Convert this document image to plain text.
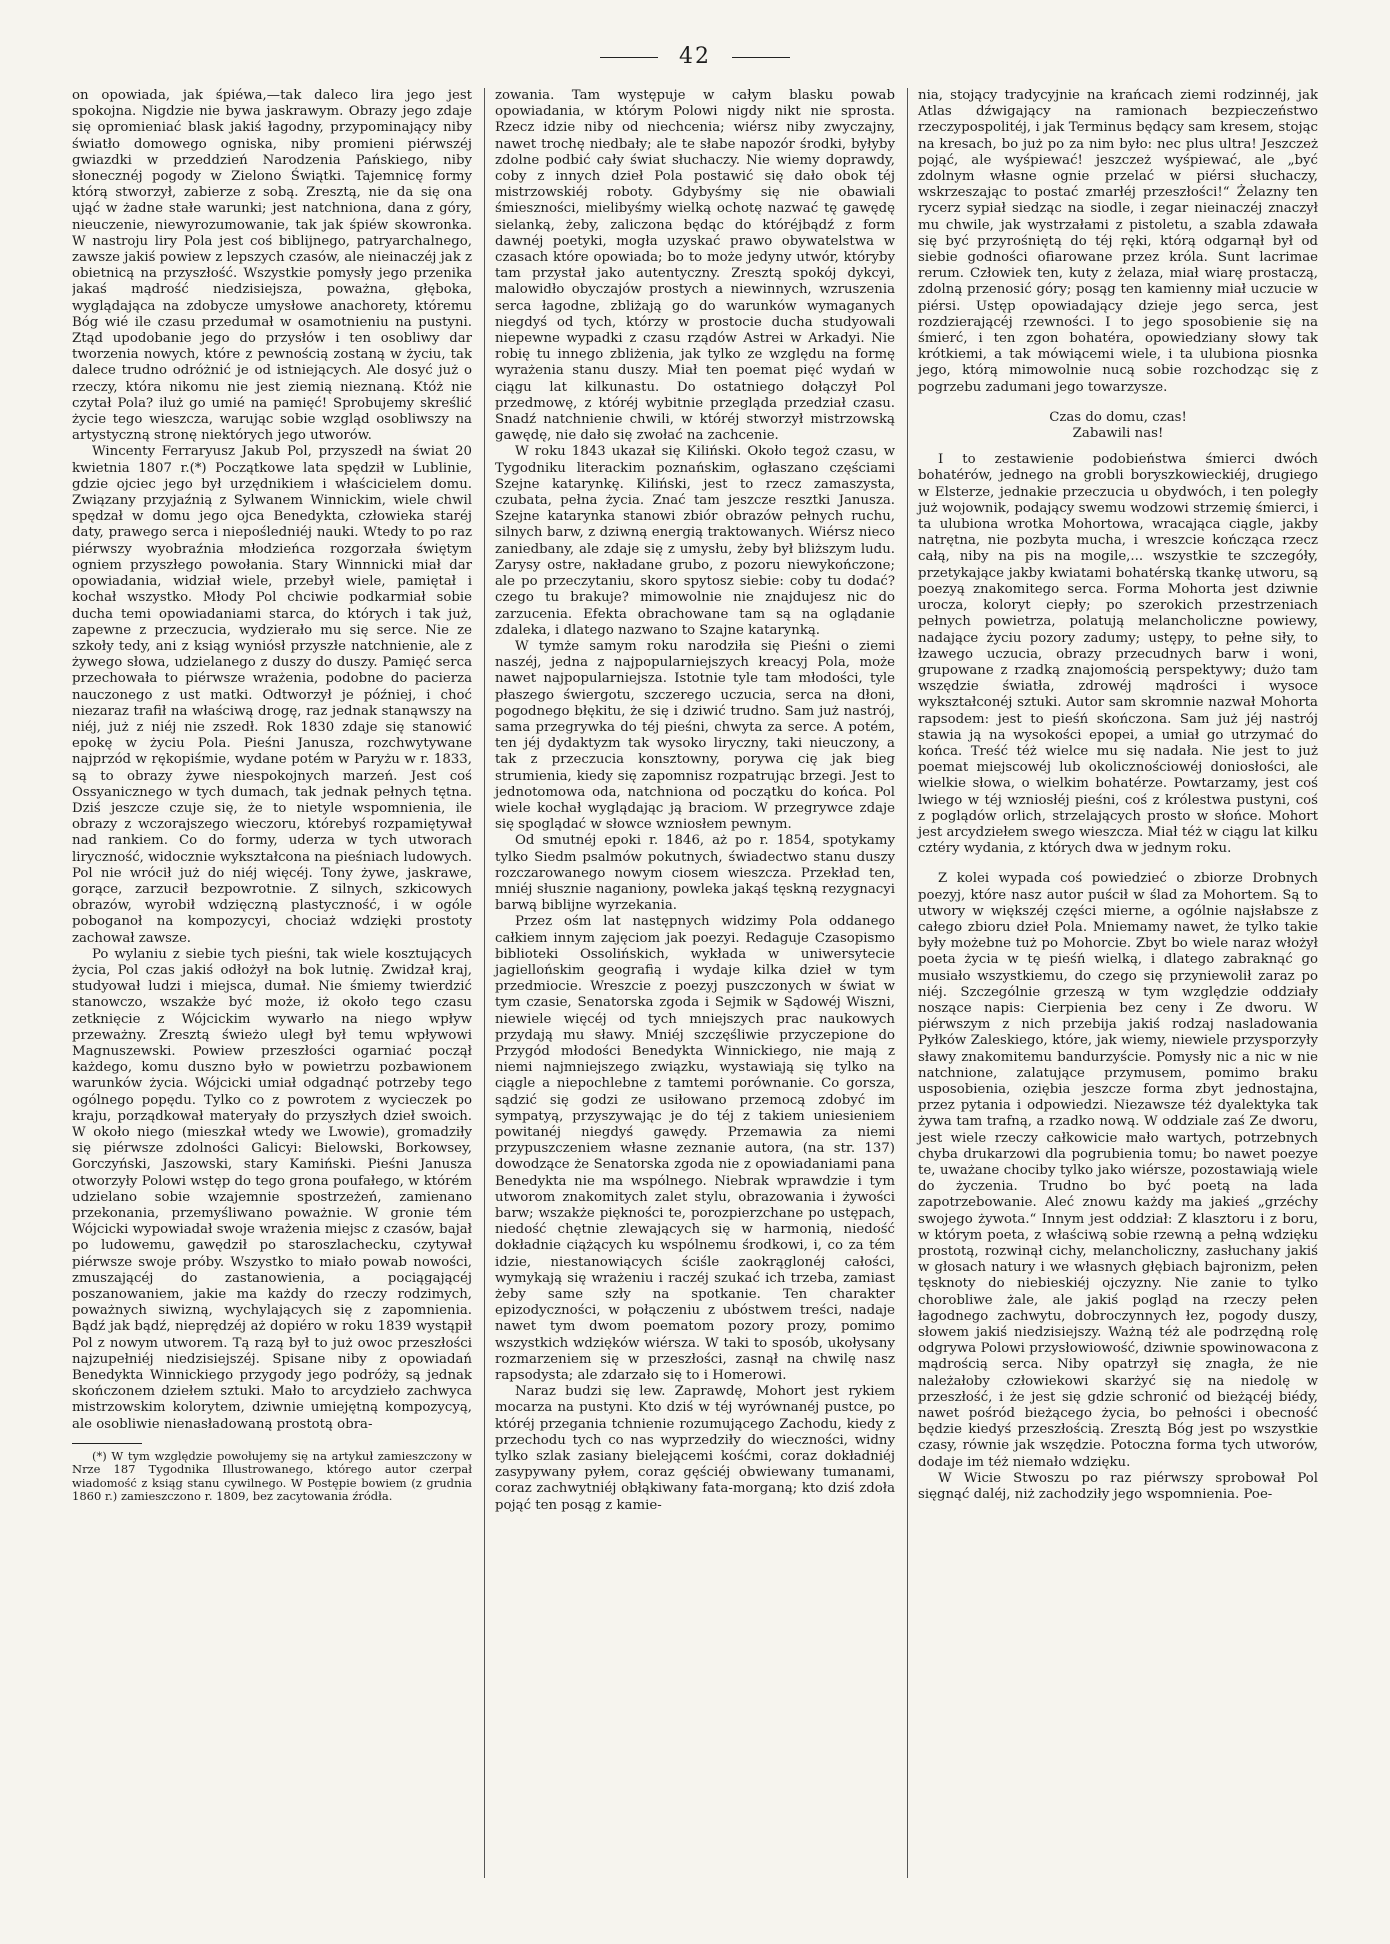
42

on opowiada, jak śpiéwa,—tak daleco lira jego jest spokojna. Nigdzie nie bywa jaskrawym. Obrazy jego zdaje się opromieniać blask jakiś łagodny, przypominający niby światło domowego ogniska, niby promieni piérwszéj gwiazdki w przeddzień Narodzenia Pańskiego, niby słonecznéj pogody w Zielono Świątki. Tajemnicę formy którą stworzył, zabierze z sobą. Zresztą, nie da się ona ująć w żadne stałe warunki; jest natchniona, dana z góry, nieuczenie, niewyrozumowanie, tak jak śpiéw skowronka. W nastroju liry Pola jest coś biblijnego, patryarchalnego, zawsze jakiś powiew z lepszych czasów, ale nieinaczéj jak z obietnicą na przyszłość. Wszystkie pomysły jego przenika jakaś mądrość niedzisiejsza, poważna, głęboka, wyglądająca na zdobycze umysłowe anachorety, któremu Bóg wié ile czasu przedumał w osamotnieniu na pustyni. Ztąd upodobanie jego do przysłów i ten osobliwy dar tworzenia nowych, które z pewnością zostaną w życiu, tak dalece trudno odróżnić je od istniejących. Ale dosyć już o rzeczy, która nikomu nie jest ziemią nieznaną. Któż nie czytał Pola? iluż go umié na pamięć! Sprobujemy skreślić życie tego wieszcza, warując sobie wzgląd osobliwszy na artystyczną stronę niektórych jego utworów.

Wincenty Ferraryusz Jakub Pol, przyszedł na świat 20 kwietnia 1807 r.(*) Początkowe lata spędził w Lublinie, gdzie ojciec jego był urzędnikiem i właścicielem domu. Związany przyjaźnią z Sylwanem Winnickim, wiele chwil spędzał w domu jego ojca Benedykta, człowieka staréj daty, prawego serca i niepośledniéj nauki. Wtedy to po raz piérwszy wyobraźnia młodzieńca rozgorzała świętym ogniem przyszłego powołania. Stary Winnnicki miał dar opowiadania, widział wiele, przebył wiele, pamiętał i kochał wszystko. Młody Pol chciwie podkarmiał sobie ducha temi opowiadaniami starca, do których i tak już, zapewne z przeczucia, wydzierało mu się serce. Nie ze szkoły tedy, ani z ksiąg wyniósł przyszłe natchnienie, ale z żywego słowa, udzielanego z duszy do duszy. Pamięć serca przechowała to piérwsze wrażenia, podobne do pacierza nauczonego z ust matki. Odtworzył je później, i choć niezaraz trafił na właściwą drogę, raz jednak stanąwszy na niéj, już z niéj nie zszedł. Rok 1830 zdaje się stanowić epokę w życiu Pola. Pieśni Janusza, rozchwytywane najprzód w rękopiśmie, wydane potém w Paryżu w r. 1833, są to obrazy żywe niespokojnych marzeń. Jest coś Ossyanicznego w tych dumach, tak jednak pełnych tętna. Dziś jeszcze czuje się, że to nietyle wspomnienia, ile obrazy z wczorajszego wieczoru, którebyś rozpamiętywał nad rankiem. Co do formy, uderza w tych utworach liryczność, widocznie wykształcona na pieśniach ludowych. Pol nie wrócił już do niéj więcéj. Tony żywe, jaskrawe, gorące, zarzucił bezpowrotnie. Z silnych, szkicowych obrazów, wyrobił wdzięczną plastyczność, i w ogóle poboganoł na kompozycyi, chociaż wdzięki prostoty zachował zawsze.

Po wylaniu z siebie tych pieśni, tak wiele kosztujących życia, Pol czas jakiś odłożył na bok lutnię. Zwidzał kraj, studyował ludzi i miejsca, dumał. Nie śmiemy twierdzić stanowczo, wszakże być może, iż około tego czasu zetknięcie z Wójcickim wywarło na niego wpływ przeważny. Zresztą świeżo uległ był temu wpływowi Magnuszewski. Powiew przeszłości ogarniać począł każdego, komu duszno było w powietrzu pozbawionem warunków życia. Wójcicki umiał odgadnąć potrzeby tego ogólnego popędu. Tylko co z powrotem z wycieczek po kraju, porządkował materyały do przyszłych dzieł swoich. W około niego (mieszkał wtedy we Lwowie), gromadziły się piérwsze zdolności Galicyi: Bielowski, Borkowsey, Gorczyński, Jaszowski, stary Kamiński. Pieśni Janusza otworzyły Polowi wstęp do tego grona poufałego, w którém udzielano sobie wzajemnie spostrzeżeń, zamienano przekonania, przemyśliwano poważnie. W gronie tém Wójcicki wypowiadał swoje wrażenia miejsc z czasów, bajał po ludowemu, gawędził po staroszlachecku, czytywał piérwsze swoje próby. Wszystko to miało powab nowości, zmuszającéj do zastanowienia, a pociągającéj poszanowaniem, jakie ma każdy do rzeczy rodzimych, poważnych siwizną, wychylających się z zapomnienia. Bądź jak bądź, nieprędzéj aż dopiéro w roku 1839 wystąpił Pol z nowym utworem. Tą razą był to już owoc przeszłości najzupełniéj niedzisiejszéj. Spisane niby z opowiadań Benedykta Winnickiego przygody jego podróży, są jednak skończonem dziełem sztuki. Mało to arcydzieło zachwyca mistrzowskim kolorytem, dziwnie umiejętną kompozycyą, ale osobliwie nienasładowaną prostotą obra-

(*) W tym względzie powołujemy się na artykuł zamieszczony w Nrze 187 Tygodnika Illustrowanego, którego autor czerpał wiadomość z ksiąg stanu cywilnego. W Postępie bowiem (z grudnia 1860 r.) zamieszczono r. 1809, bez zacytowania źródła.

zowania. Tam występuje w całym blasku powab opowiadania, w którym Polowi nigdy nikt nie sprosta. Rzecz idzie niby od niechcenia; wiérsz niby zwyczajny, nawet trochę niedbały; ale te słabe napozór środki, byłyby zdolne podbić cały świat słuchaczy. Nie wiemy doprawdy, coby z innych dzieł Pola postawić się dało obok téj mistrzowskiéj roboty. Gdybyśmy się nie obawiali śmieszności, mielibyśmy wielką ochotę nazwać tę gawędę sielanką, żeby, zaliczona będąc do któréjbądź z form dawnéj poetyki, mogła uzyskać prawo obywatelstwa w czasach które opowiada; bo to może jedyny utwór, któryby tam przystał jako autentyczny. Zresztą spokój dykcyi, malowidło obyczajów prostych a niewinnych, wzruszenia serca łagodne, zbliżają go do warunków wymaganych niegdyś od tych, którzy w prostocie ducha studyowali niepewne wypadki z czasu rządów Astrei w Arkadyi. Nie robię tu innego zbliżenia, jak tylko ze względu na formę wyrażenia stanu duszy. Miał ten poemat pięć wydań w ciągu lat kilkunastu. Do ostatniego dołączył Pol przedmowę, z któréj wybitnie przegląda przedział czasu. Snadź natchnienie chwili, w któréj stworzył mistrzowską gawędę, nie dało się zwołać na zachcenie.

W roku 1843 ukazał się Kiliński. Około tegoż czasu, w Tygodniku literackim poznańskim, ogłaszano częściami Szejne katarynkę. Kiliński, jest to rzecz zamaszysta, czubata, pełna życia. Znać tam jeszcze resztki Janusza. Szejne katarynka stanowi zbiór obrazów pełnych ruchu, silnych barw, z dziwną energią traktowanych. Wiérsz nieco zaniedbany, ale zdaje się z umysłu, żeby był bliższym ludu. Zarysy ostre, nakładane grubo, z pozoru niewykończone; ale po przeczytaniu, skoro spytosz siebie: coby tu dodać? czego tu brakuje? mimowolnie nie znajdujesz nic do zarzucenia. Efekta obrachowane tam są na oglądanie zdaleka, i dlatego nazwano to Szajne katarynką.

W tymże samym roku narodziła się Pieśni o ziemi naszéj, jedna z najpopularniejszych kreacyj Pola, może nawet najpopularniejsza. Istotnie tyle tam młodości, tyle płaszego świergotu, szczerego uczucia, serca na dłoni, pogodnego błękitu, że się i dziwić trudno. Sam już nastrój, sama przegrywka do téj pieśni, chwyta za serce. A potém, ten jéj dydaktyzm tak wysoko liryczny, taki nieuczony, a tak z przeczucia konsztowny, porywa cię jak bieg strumienia, kiedy się zapomnisz rozpatrując brzegi. Jest to jednotomowa oda, natchniona od początku do końca. Pol wiele kochał wyglądając ją braciom. W przegrywce zdaje się spoglądać w słowce wzniosłem pewnym.

Od smutnéj epoki r. 1846, aż po r. 1854, spotykamy tylko Siedm psalmów pokutnych, świadectwo stanu duszy rozczarowanego nowym ciosem wieszcza. Przekład ten, mniéj słusznie naganiony, powleka jakąś tęskną rezygnacyi barwą biblijne wyrzekania.

Przez ośm lat następnych widzimy Pola oddanego całkiem innym zajęciom jak poezyi. Redaguje Czasopismo biblioteki Ossolińskich, wykłada w uniwersytecie jagiellońskim geografią i wydaje kilka dzieł w tym przedmiocie. Wreszcie z poezyj puszczonych w świat w tym czasie, Senatorska zgoda i Sejmik w Sądowéj Wiszni, niewiele więcéj od tych mniejszych prac naukowych przydają mu sławy. Mniéj szczęśliwie przyczepione do Przygód młodości Benedykta Winnickiego, nie mają z niemi najmniejszego związku, wystawiają się tylko na ciągle a niepochlebne z tamtemi porównanie. Co gorsza, sądzić się godzi ze usiłowano przemocą zdobyć im sympatyą, przyszywając je do téj z takiem uniesieniem powitanéj niegdyś gawędy. Przemawia za niemi przypuszczeniem własne zeznanie autora, (na str. 137) dowodzące że Senatorska zgoda nie z opowiadaniami pana Benedykta nie ma wspólnego. Niebrak wprawdzie i tym utworom znakomitych zalet stylu, obrazowania i żywości barw; wszakże piękności te, porozpierzchane po ustępach, niedość chętnie zlewających się w harmonią, niedość dokładnie ciążących ku wspólnemu środkowi, i, co za tém idzie, niestanowiących ściśle zaokrąglonéj całości, wymykają się wrażeniu i raczéj szukać ich trzeba, zamiast żeby same szły na spotkanie. Ten charakter epizodyczności, w połączeniu z ubóstwem treści, nadaje nawet tym dwom poematom pozory prozy, pomimo wszystkich wdzięków wiérsza. W taki to sposób, ukołysany rozmarzeniem się w przeszłości, zasnął na chwilę nasz rapsodysta; ale zdarzało się to i Homerowi.

Naraz budzi się lew. Zaprawdę, Mohort jest rykiem mocarza na pustyni. Kto dziś w téj wyrównanéj pustce, po któréj przegania tchnienie rozumującego Zachodu, kiedy z przechodu tych co nas wyprzedziły do wieczności, widny tylko szlak zasiany bielejącemi kośćmi, coraz dokładniéj zasypywany pyłem, coraz gęściéj obwiewany tumanami, coraz zachwytniéj obłąkiwany fata-morganą; kto dziś zdoła pojąć ten posąg z kamie-

nia, stojący tradycyjnie na krańcach ziemi rodzinnéj, jak Atlas dźwigający na ramionach bezpieczeństwo rzeczypospolitéj, i jak Terminus będący sam kresem, stojąc na kresach, bo już po za nim było: nec plus ultra! Jeszczeż pojąć, ale wyśpiewać! jeszczeż wyśpiewać, ale „być zdolnym własne ognie przelać w piérsi słuchaczy, wskrzeszając to postać zmarłéj przeszłości!“ Żelazny ten rycerz sypiał siedząc na siodle, i zegar nieinaczéj znaczył mu chwile, jak wystrzałami z pistoletu, a szabla zdawała się być przyrośniętą do téj ręki, którą odgarnął był od siebie godności ofiarowane przez króla. Sunt lacrimae rerum. Człowiek ten, kuty z żelaza, miał wiarę prostaczą, zdolną przenosić góry; posąg ten kamienny miał uczucie w piérsi. Ustęp opowiadający dzieje jego serca, jest rozdzierającéj rzewności. I to jego sposobienie się na śmierć, i ten zgon bohatéra, opowiedziany słowy tak krótkiemi, a tak mówiącemi wiele, i ta ulubiona piosnka jego, którą mimowolnie nucą sobie rozchodząc się z pogrzebu zadumani jego towarzysze.

Czas do domu, czas!
Zabawili nas!

I to zestawienie podobieństwa śmierci dwóch bohatérów, jednego na grobli boryszkowieckiéj, drugiego w Elsterze, jednakie przeczucia u obydwóch, i ten poległy już wojownik, podający swemu wodzowi strzemię śmierci, i ta ulubiona wrotka Mohortowa, wracająca ciągle, jakby natrętna, nie pozbyta mucha, i wreszcie kończąca rzecz całą, niby na pis na mogile,... wszystkie te szczegóły, przetykające jakby kwiatami bohatérską tkankę utworu, są poezyą znakomitego serca. Forma Mohorta jest dziwnie urocza, koloryt ciepły; po szerokich przestrzeniach pełnych powietrza, polatują melancholiczne powiewy, nadające życiu pozory zadumy; ustępy, to pełne siły, to łzawego uczucia, obrazy przecudnych barw i woni, grupowane z rzadką znajomością perspektywy; dużo tam wszędzie światła, zdrowéj mądrości i wysoce wykształconéj sztuki. Autor sam skromnie nazwał Mohorta rapsodem: jest to pieśń skończona. Sam już jéj nastrój stawia ją na wysokości epopei, a umiał go utrzymać do końca. Treść téż wielce mu się nadała. Nie jest to już poemat miejscowéj lub okolicznościowéj doniosłości, ale wielkie słowa, o wielkim bohatérze. Powtarzamy, jest coś lwiego w téj wzniosłéj pieśni, coś z królestwa pustyni, coś z poglądów orlich, strzelających prosto w słońce. Mohort jest arcydziełem swego wieszcza. Miał téż w ciągu lat kilku cztéry wydania, z których dwa w jednym roku.

Z kolei wypada coś powiedzieć o zbiorze Drobnych poezyj, które nasz autor puścił w ślad za Mohortem. Są to utwory w większéj części mierne, a ogólnie najsłabsze z całego zbioru dzieł Pola. Mniemamy nawet, że tylko takie były możebne tuż po Mohorcie. Zbyt bo wiele naraz włożył poeta życia w tę pieśń wielką, i dlatego zabraknąć go musiało wszystkiemu, do czego się przyniewolił zaraz po niéj. Szczególnie grzeszą w tym względzie oddziały noszące napis: Cierpienia bez ceny i Ze dworu. W piérwszym z nich przebija jakiś rodzaj nasladowania Pyłków Zaleskiego, które, jak wiemy, niewiele przysporzyły sławy znakomitemu bandurzyście. Pomysły nic a nic w nie natchnione, zalatujące przymusem, pomimo braku usposobienia, oziębia jeszcze forma zbyt jednostajna, przez pytania i odpowiedzi. Niezawsze téż dyalektyka tak żywa tam trafną, a rzadko nową. W oddziale zaś Ze dworu, jest wiele rzeczy całkowicie mało wartych, potrzebnych chyba drukarzowi dla pogrubienia tomu; bo nawet poezye te, uważane chociby tylko jako wiérsze, pozostawiają wiele do życzenia. Trudno bo być poetą na lada zapotrzebowanie. Aleć znowu każdy ma jakieś „grzéchy swojego żywota.“ Innym jest oddział: Z klasztoru i z boru, w którym poeta, z właściwą sobie rzewną a pełną wdzięku prostotą, rozwinął cichy, melancholiczny, zasłuchany jakiś w głosach natury i we własnych głębiach bajronizm, pełen tęsknoty do niebieskiéj ojczyzny. Nie zanie to tylko chorobliwe żale, ale jakiś pogląd na rzeczy pełen łagodnego zachwytu, dobroczynnych łez, pogody duszy, słowem jakiś niedzisiejszy. Ważną téż ale podrzędną rolę odgrywa Polowi przysłowiowość, dziwnie spowinowacona z mądrością serca. Niby opatrzył się znagła, że nie należałoby człowiekowi skarżyć się na niedolę w przeszłość, i że jest się gdzie schronić od bieżącéj biédy, nawet pośród bieżącego życia, bo pełności i obecność będzie kiedyś przeszłością. Zresztą Bóg jest po wszystkie czasy, równie jak wszędzie. Potoczna forma tych utworów, dodaje im téż niemało wdzięku.

W Wicie Stwoszu po raz piérwszy sprobował Pol sięgnąć daléj, niż zachodziły jego wspomnienia. Poe-
